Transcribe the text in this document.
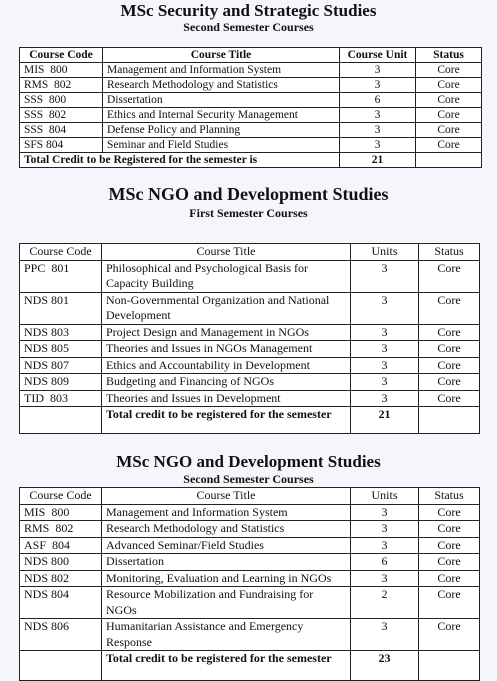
MSc Security and Strategic Studies
Second Semester Courses
Course Code	Course Title	Course Unit	Status
MIS  800	Management and Information System	3	Core
RMS  802	Research Methodology and Statistics	3	Core
SSS  800	Dissertation	6	Core
SSS  802	Ethics and Internal Security Management	3	Core
SSS  804	Defense Policy and Planning	3	Core
SFS 804	Seminar and Field Studies	3	Core
Total Credit to be Registered for the semester is		21	
MSc NGO and Development Studies
First Semester Courses
Course Code	Course Title	Units	Status
PPC  801	Philosophical and Psychological Basis for Capacity Building	3	Core
NDS 801	Non-Governmental Organization and National Development	3	Core
NDS 803	Project Design and Management in NGOs	3	Core
NDS 805	Theories and Issues in NGOs Management	3	Core
NDS 807	Ethics and Accountability in Development	3	Core
NDS 809	Budgeting and Financing of NGOs	3	Core
TID  803	Theories and Issues in Development	3	Core
	Total credit to be registered for the semester	21	
MSc NGO and Development Studies
Second Semester Courses
Course Code	Course Title	Units	Status
MIS  800	Management and Information System	3	Core
RMS  802	Research Methodology and Statistics	3	Core
ASF  804	Advanced Seminar/Field Studies	3	Core
NDS 800	Dissertation	6	Core
NDS 802	Monitoring, Evaluation and Learning in NGOs	3	Core
NDS 804	Resource Mobilization and Fundraising for NGOs	2	Core
NDS 806	Humanitarian Assistance and Emergency Response	3	Core
	Total credit to be registered for the semester	23	
